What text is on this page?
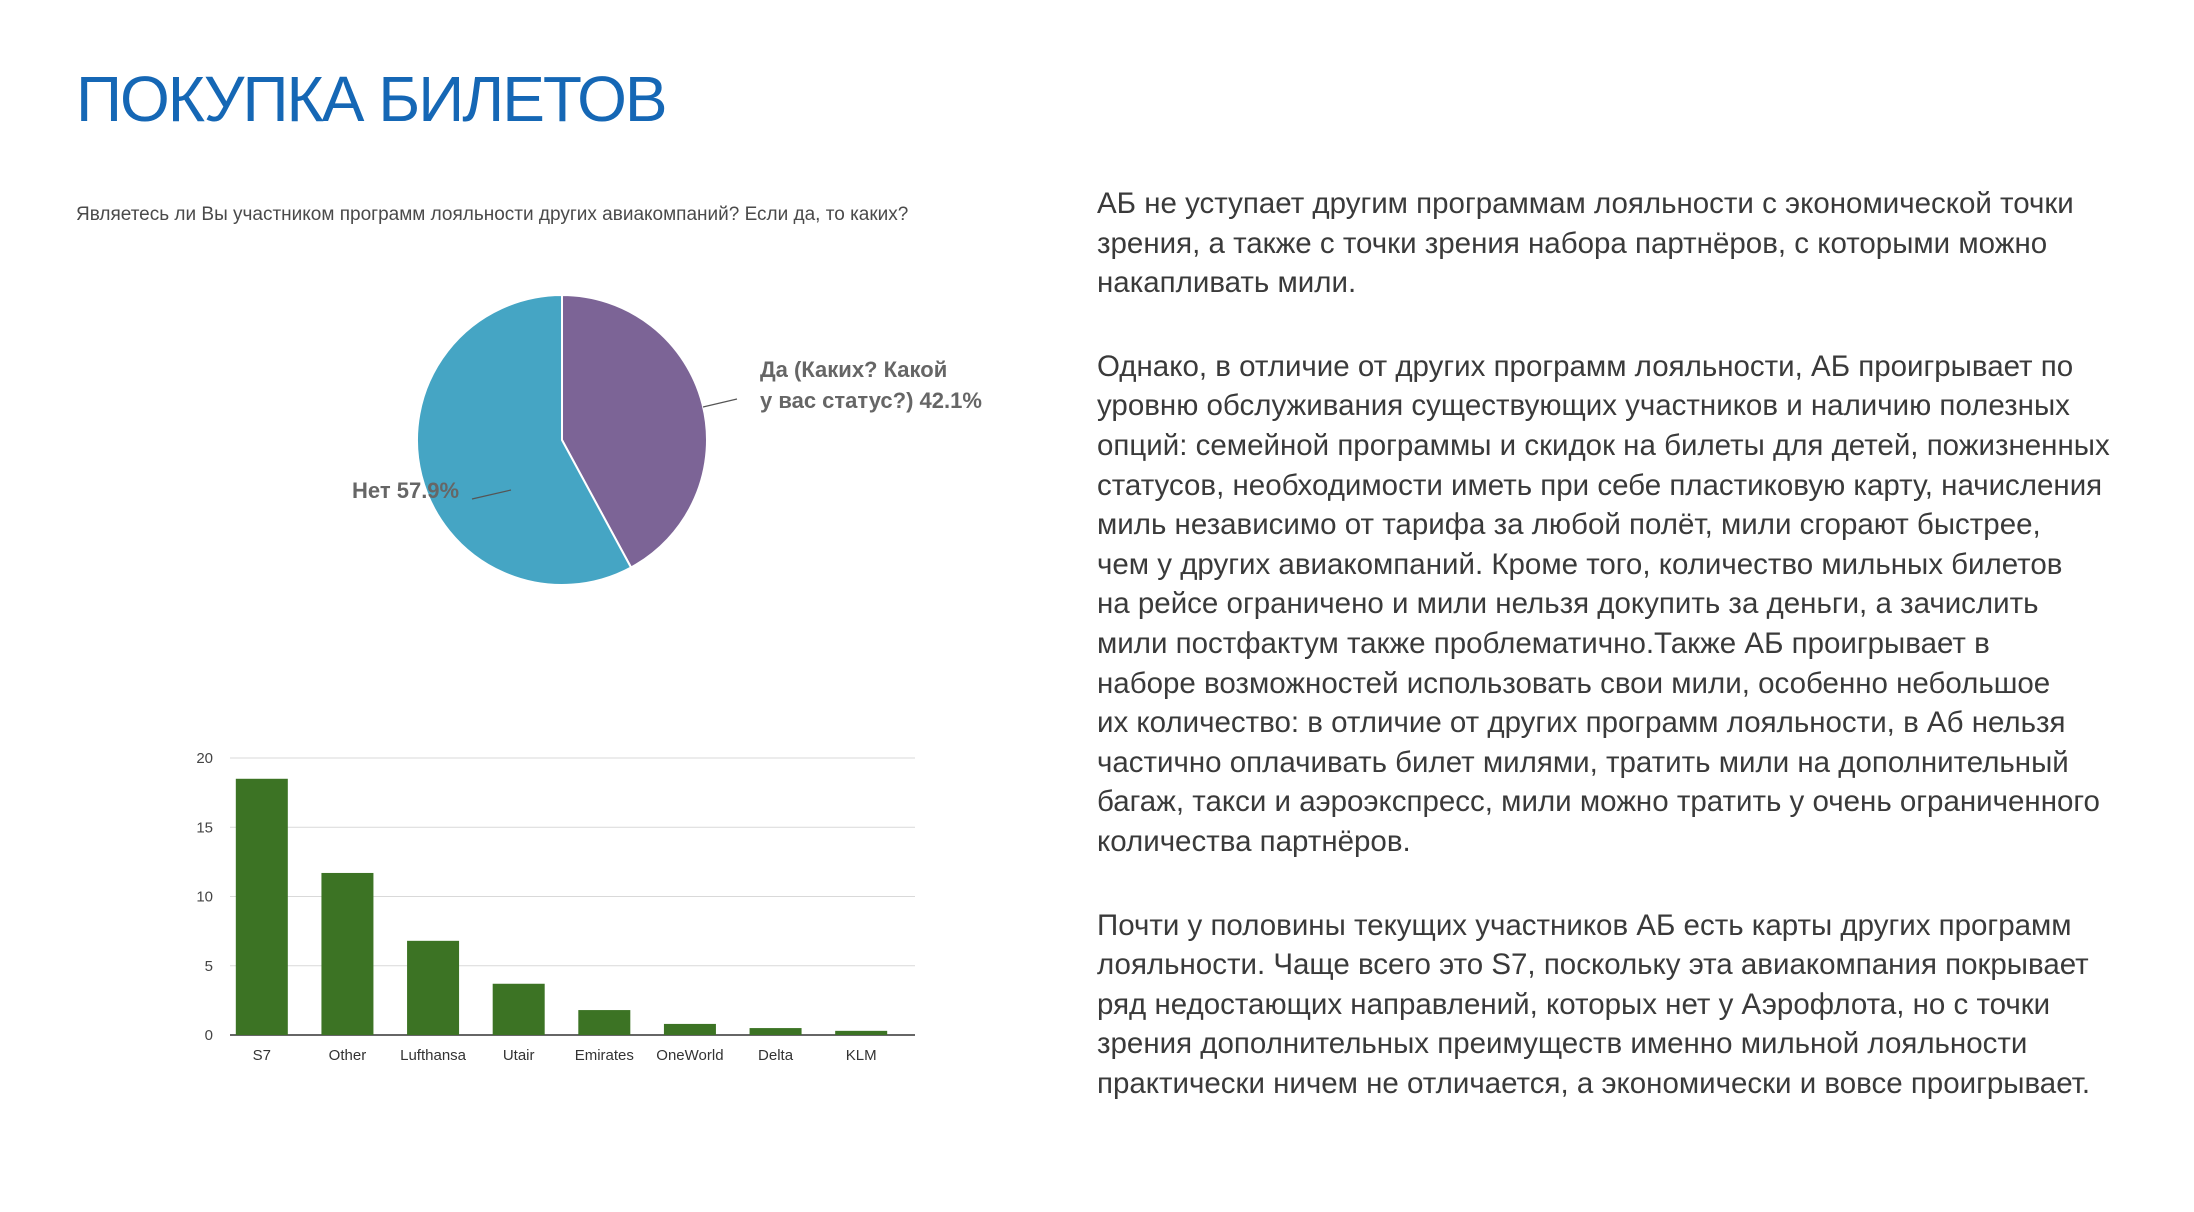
ПОКУПКА БИЛЕТОВ
Являетесь ли Вы участником программ лояльности других авиакомпаний? Если да, то каких?
Да (Каких? Какой
у вас статус?) 42.1%
Нет 57.9%
0
5
10
15
20
S7	Other Lufthansa Utair	Emirates OneWorld Delta	KLM

АБ не уступает другим программам лояльности с экономической точки
зрения, а также с точки зрения набора партнёров, с которыми можно
накапливать мили.

Однако, в отличие от других программ лояльности, АБ проигрывает по
уровню обслуживания существующих участников и наличию полезных
опций: семейной программы и скидок на билеты для детей, пожизненных
статусов, необходимости иметь при себе пластиковую карту, начисления
миль независимо от тарифа за любой полёт, мили сгорают быстрее,
чем у других авиакомпаний. Кроме того, количество мильных билетов
на рейсе ограничено и мили нельзя докупить за деньги, а зачислить
мили постфактум также проблематично.Также АБ проигрывает в
наборе возможностей использовать свои мили, особенно небольшое
их количество: в отличие от других программ лояльности, в Аб нельзя
частично оплачивать билет милями, тратить мили на дополнительный
багаж, такси и аэроэкспресс, мили можно тратить у очень ограниченного
количества партнёров.

Почти у половины текущих участников АБ есть карты других программ
лояльности. Чаще всего это S7, поскольку эта авиакомпания покрывает
ряд недостающих направлений, которых нет у Аэрофлота, но с точки
зрения дополнительных преимуществ именно мильной лояльности
практически ничем не отличается, а экономически и вовсе проигрывает.
